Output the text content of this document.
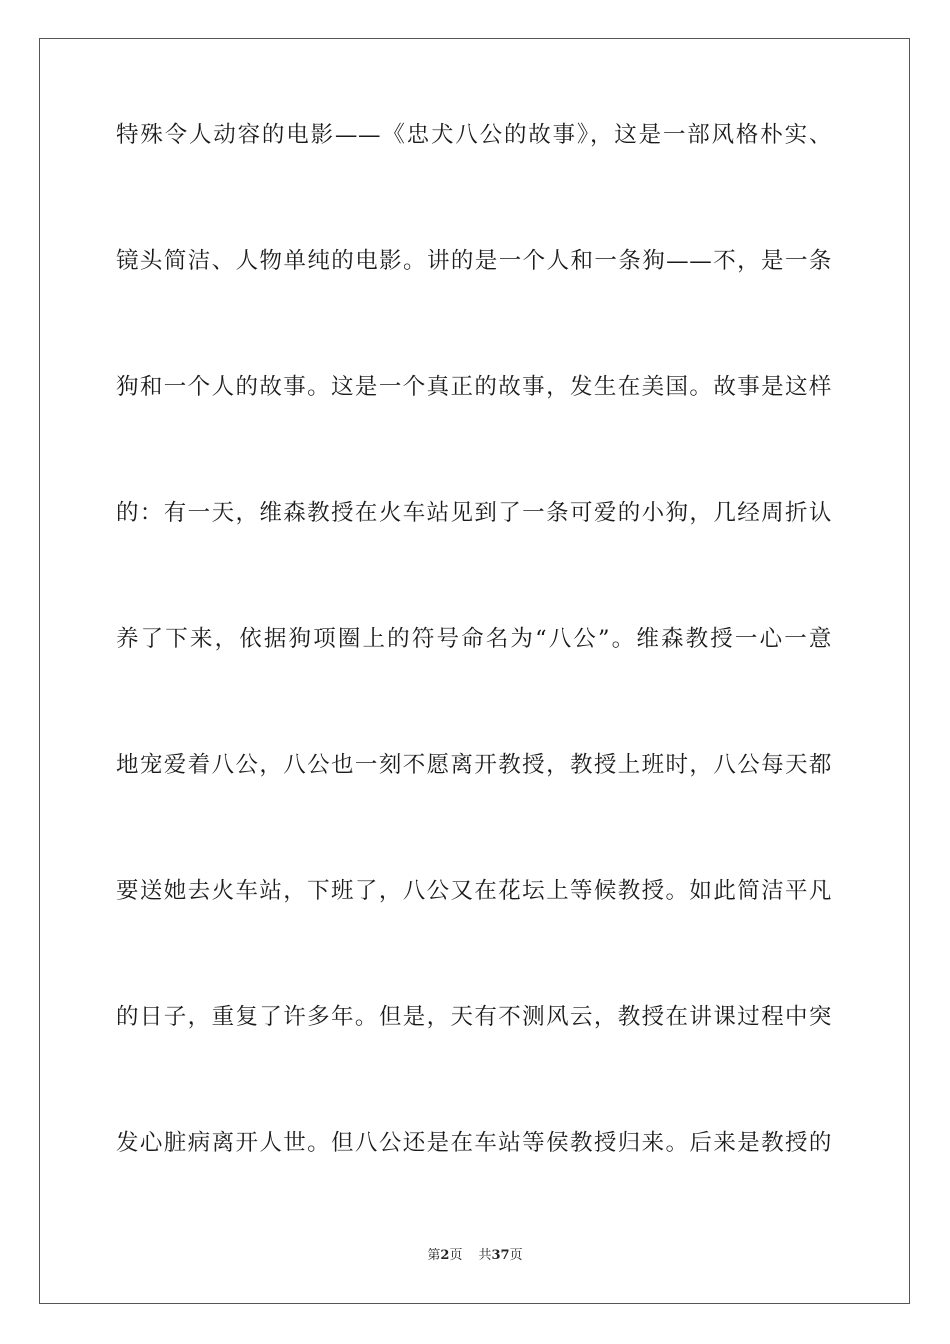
特殊令人动容的电影——《忠犬八公的故事》，这是一部风格朴实、
镜头简洁、人物单纯的电影。讲的是一个人和一条狗——不，是一条
狗和一个人的故事。这是一个真正的故事，发生在美国。故事是这样
的：有一天，维森教授在火车站见到了一条可爱的小狗，几经周折认
养了下来，依据狗项圈上的符号命名为“八公”。维森教授一心一意
地宠爱着八公，八公也一刻不愿离开教授，教授上班时，八公每天都
要送她去火车站，下班了，八公又在花坛上等候教授。如此简洁平凡
的日子，重复了许多年。但是，天有不测风云，教授在讲课过程中突
发心脏病离开人世。但八公还是在车站等侯教授归来。后来是教授的
第2页 共37页
